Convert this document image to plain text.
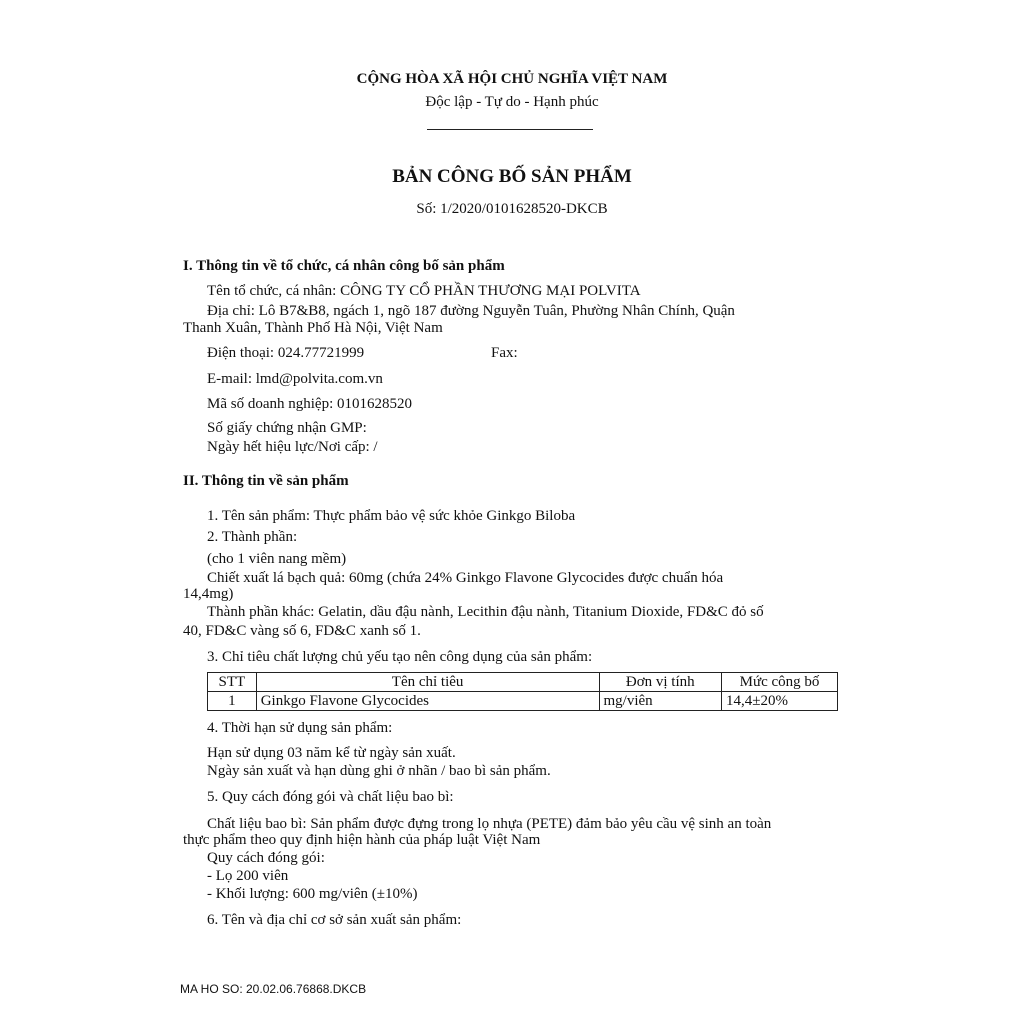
CỘNG HÒA XÃ HỘI CHỦ NGHĨA VIỆT NAM
Độc lập - Tự do - Hạnh phúc
BẢN CÔNG BỐ SẢN PHẨM
Số: 1/2020/0101628520-DKCB
I. Thông tin về tổ chức, cá nhân công bố sản phẩm
Tên tổ chức, cá nhân: CÔNG TY CỔ PHẦN THƯƠNG MẠI POLVITA
Địa chỉ: Lô B7&B8, ngách 1, ngõ 187 đường Nguyễn Tuân, Phường Nhân Chính, Quận
Thanh Xuân, Thành Phố Hà Nội, Việt Nam
Điện thoại: 024.77721999	Fax:
E-mail: lmd@polvita.com.vn
Mã số doanh nghiệp: 0101628520
Số giấy chứng nhận GMP:
Ngày hết hiệu lực/Nơi cấp: /
II. Thông tin về sản phẩm
1. Tên sản phẩm: Thực phẩm bảo vệ sức khỏe Ginkgo Biloba
2. Thành phần:
(cho 1 viên nang mềm)
Chiết xuất lá bạch quả: 60mg (chứa 24% Ginkgo Flavone Glycocides được chuẩn hóa
14,4mg)
Thành phần khác: Gelatin, dầu đậu nành, Lecithin đậu nành, Titanium Dioxide, FD&C đỏ số
40, FD&C vàng số 6, FD&C xanh số 1.
3. Chỉ tiêu chất lượng chủ yếu tạo nên công dụng của sản phẩm:
STT	Tên chỉ tiêu	Đơn vị tính	Mức công bố
1	Ginkgo Flavone Glycocides	mg/viên	14,4±20%
4. Thời hạn sử dụng sản phẩm:
Hạn sử dụng 03 năm kể từ ngày sản xuất.
Ngày sản xuất và hạn dùng ghi ở nhãn / bao bì sản phẩm.
5. Quy cách đóng gói và chất liệu bao bì:
Chất liệu bao bì: Sản phẩm được đựng trong lọ nhựa (PETE) đảm bảo yêu cầu vệ sinh an toàn
thực phẩm theo quy định hiện hành của pháp luật Việt Nam
Quy cách đóng gói:
- Lọ 200 viên
- Khối lượng: 600 mg/viên (±10%)
6. Tên và địa chỉ cơ sở sản xuất sản phẩm:
MA HO SO: 20.02.06.76868.DKCB
